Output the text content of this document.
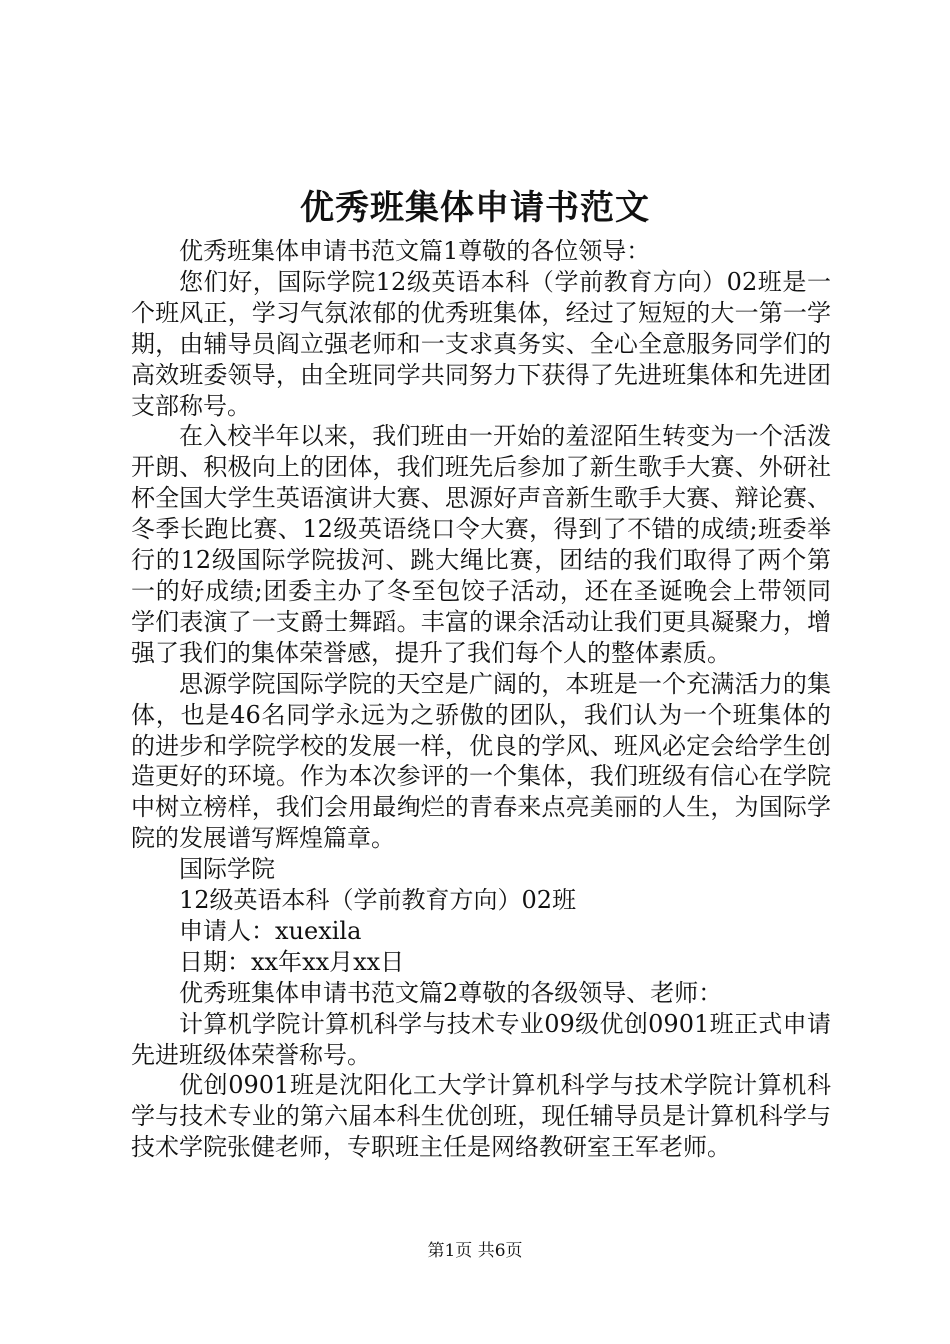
优秀班集体申请书范文

优秀班集体申请书范文篇1尊敬的各位领导：

您们好，国际学院12级英语本科（学前教育方向）02班是一个班风正，学习气氛浓郁的优秀班集体，经过了短短的大一第一学期，由辅导员阎立强老师和一支求真务实、全心全意服务同学们的高效班委领导，由全班同学共同努力下获得了先进班集体和先进团支部称号。

在入校半年以来，我们班由一开始的羞涩陌生转变为一个活泼开朗、积极向上的团体，我们班先后参加了新生歌手大赛、外研社杯全国大学生英语演讲大赛、思源好声音新生歌手大赛、辩论赛、冬季长跑比赛、12级英语绕口令大赛，得到了不错的成绩;班委举行的12级国际学院拔河、跳大绳比赛，团结的我们取得了两个第一的好成绩;团委主办了冬至包饺子活动，还在圣诞晚会上带领同学们表演了一支爵士舞蹈。丰富的课余活动让我们更具凝聚力，增强了我们的集体荣誉感，提升了我们每个人的整体素质。

思源学院国际学院的天空是广阔的，本班是一个充满活力的集体，也是46名同学永远为之骄傲的团队，我们认为一个班集体的的进步和学院学校的发展一样，优良的学风、班风必定会给学生创造更好的环境。作为本次参评的一个集体，我们班级有信心在学院中树立榜样，我们会用最绚烂的青春来点亮美丽的人生，为国际学院的发展谱写辉煌篇章。

国际学院

12级英语本科（学前教育方向）02班

申请人：xuexila

日期：xx年xx月xx日

优秀班集体申请书范文篇2尊敬的各级领导、老师：

计算机学院计算机科学与技术专业09级优创0901班正式申请先进班级体荣誉称号。

优创0901班是沈阳化工大学计算机科学与技术学院计算机科学与技术专业的第六届本科生优创班，现任辅导员是计算机科学与技术学院张健老师，专职班主任是网络教研室王军老师。

第1页 共6页
